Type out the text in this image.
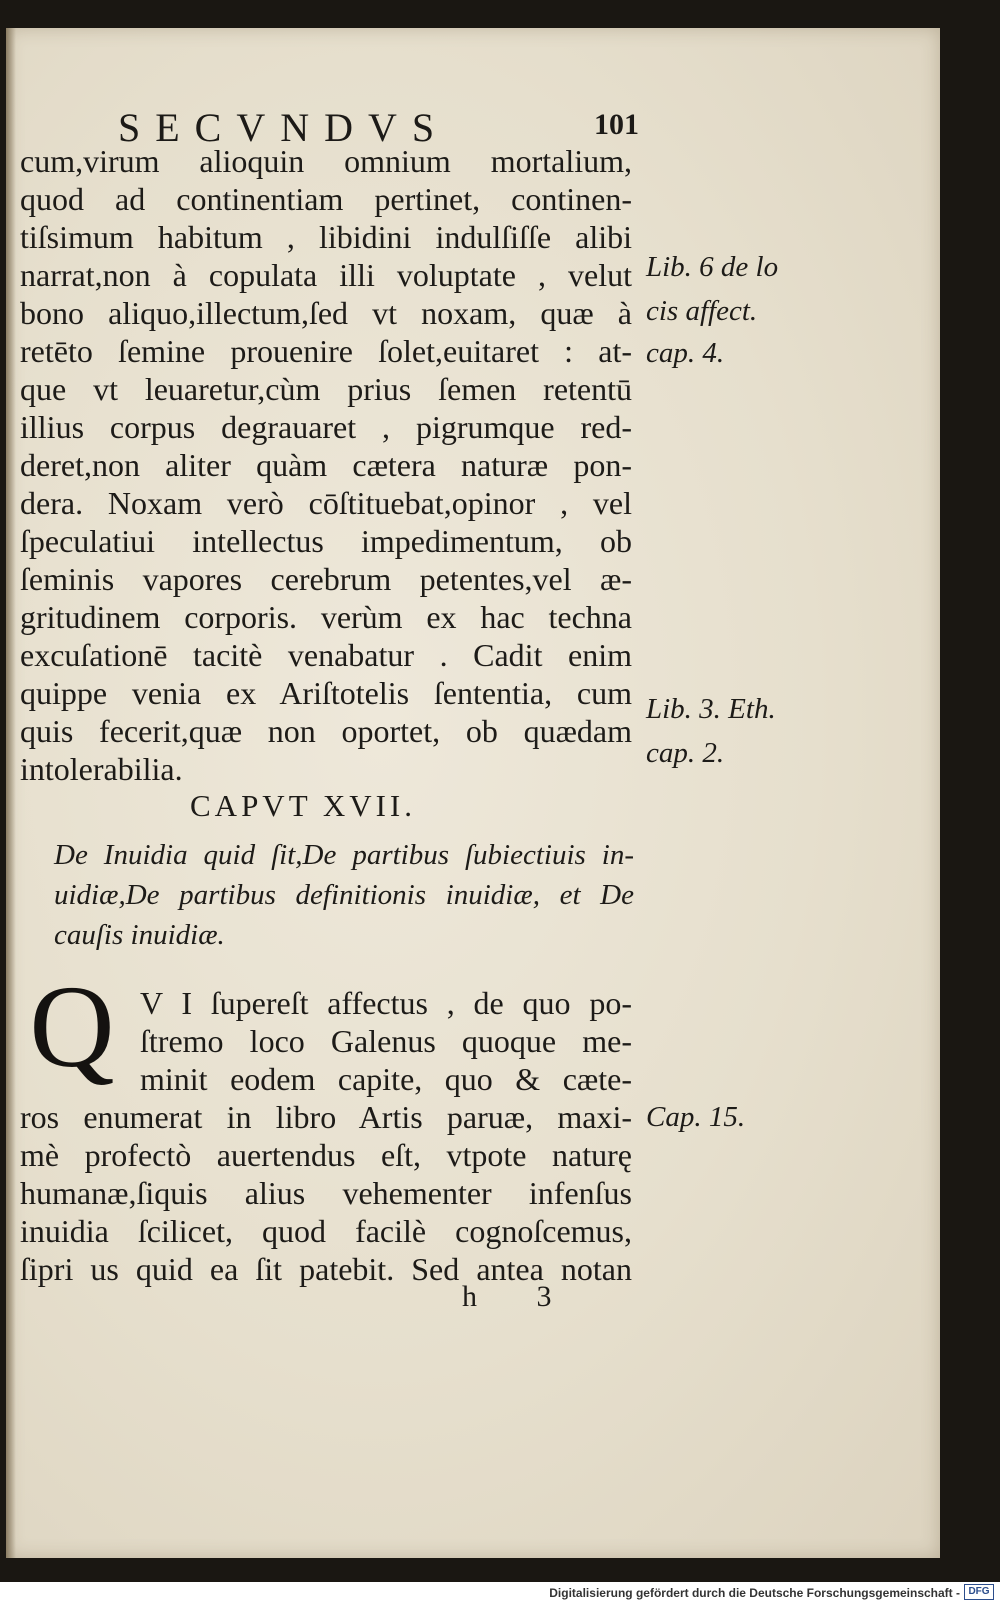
SECVNDVS	101
cum,virum alioquin omnium mortalium,
quod ad continentiam pertinet, continen-
tiſsimum habitum , libidini indulſiſſe alibi
narrat,non à copulata illi voluptate , velut
bono aliquo,illectum,ſed vt noxam, quæ à
retēto ſemine prouenire ſolet,euitaret : at-
que vt leuaretur,cùm prius ſemen retentū
illius corpus degrauaret , pigrumque red-
deret,non aliter quàm cætera naturæ pon-
dera. Noxam verò cōſtituebat,opinor , vel
ſpeculatiui intellectus impedimentum, ob
ſeminis vapores cerebrum petentes,vel æ-
gritudinem corporis. verùm ex hac techna
excuſationē tacitè venabatur . Cadit enim
quippe venia ex Ariſtotelis ſententia, cum
quis fecerit,quæ non oportet, ob quædam
intolerabilia.
CAPVT XVII.
De Inuidia quid ſit,De partibus ſubiectiuis in-
uidiæ,De partibus definitionis inuidiæ, et De
cauſis inuidiæ.
Q V I ſupereſt affectus , de quo po-
ſtremo loco Galenus quoque me-
minit eodem capite, quo & cæte-
ros enumerat in libro Artis paruæ, maxi-
mè profectò auertendus eſt, vtpote naturę
humanæ,ſiquis alius vehementer infenſus
inuidia ſcilicet, quod facilè cognoſcemus,
ſipri us quid ea ſit patebit. Sed antea notan
Lib. 6 de lo
cis affect.
cap. 4.
Lib. 3. Eth.
cap. 2.
Cap. 15.
h 3
Digitalisierung gefördert durch die Deutsche Forschungsgemeinschaft - DFG
